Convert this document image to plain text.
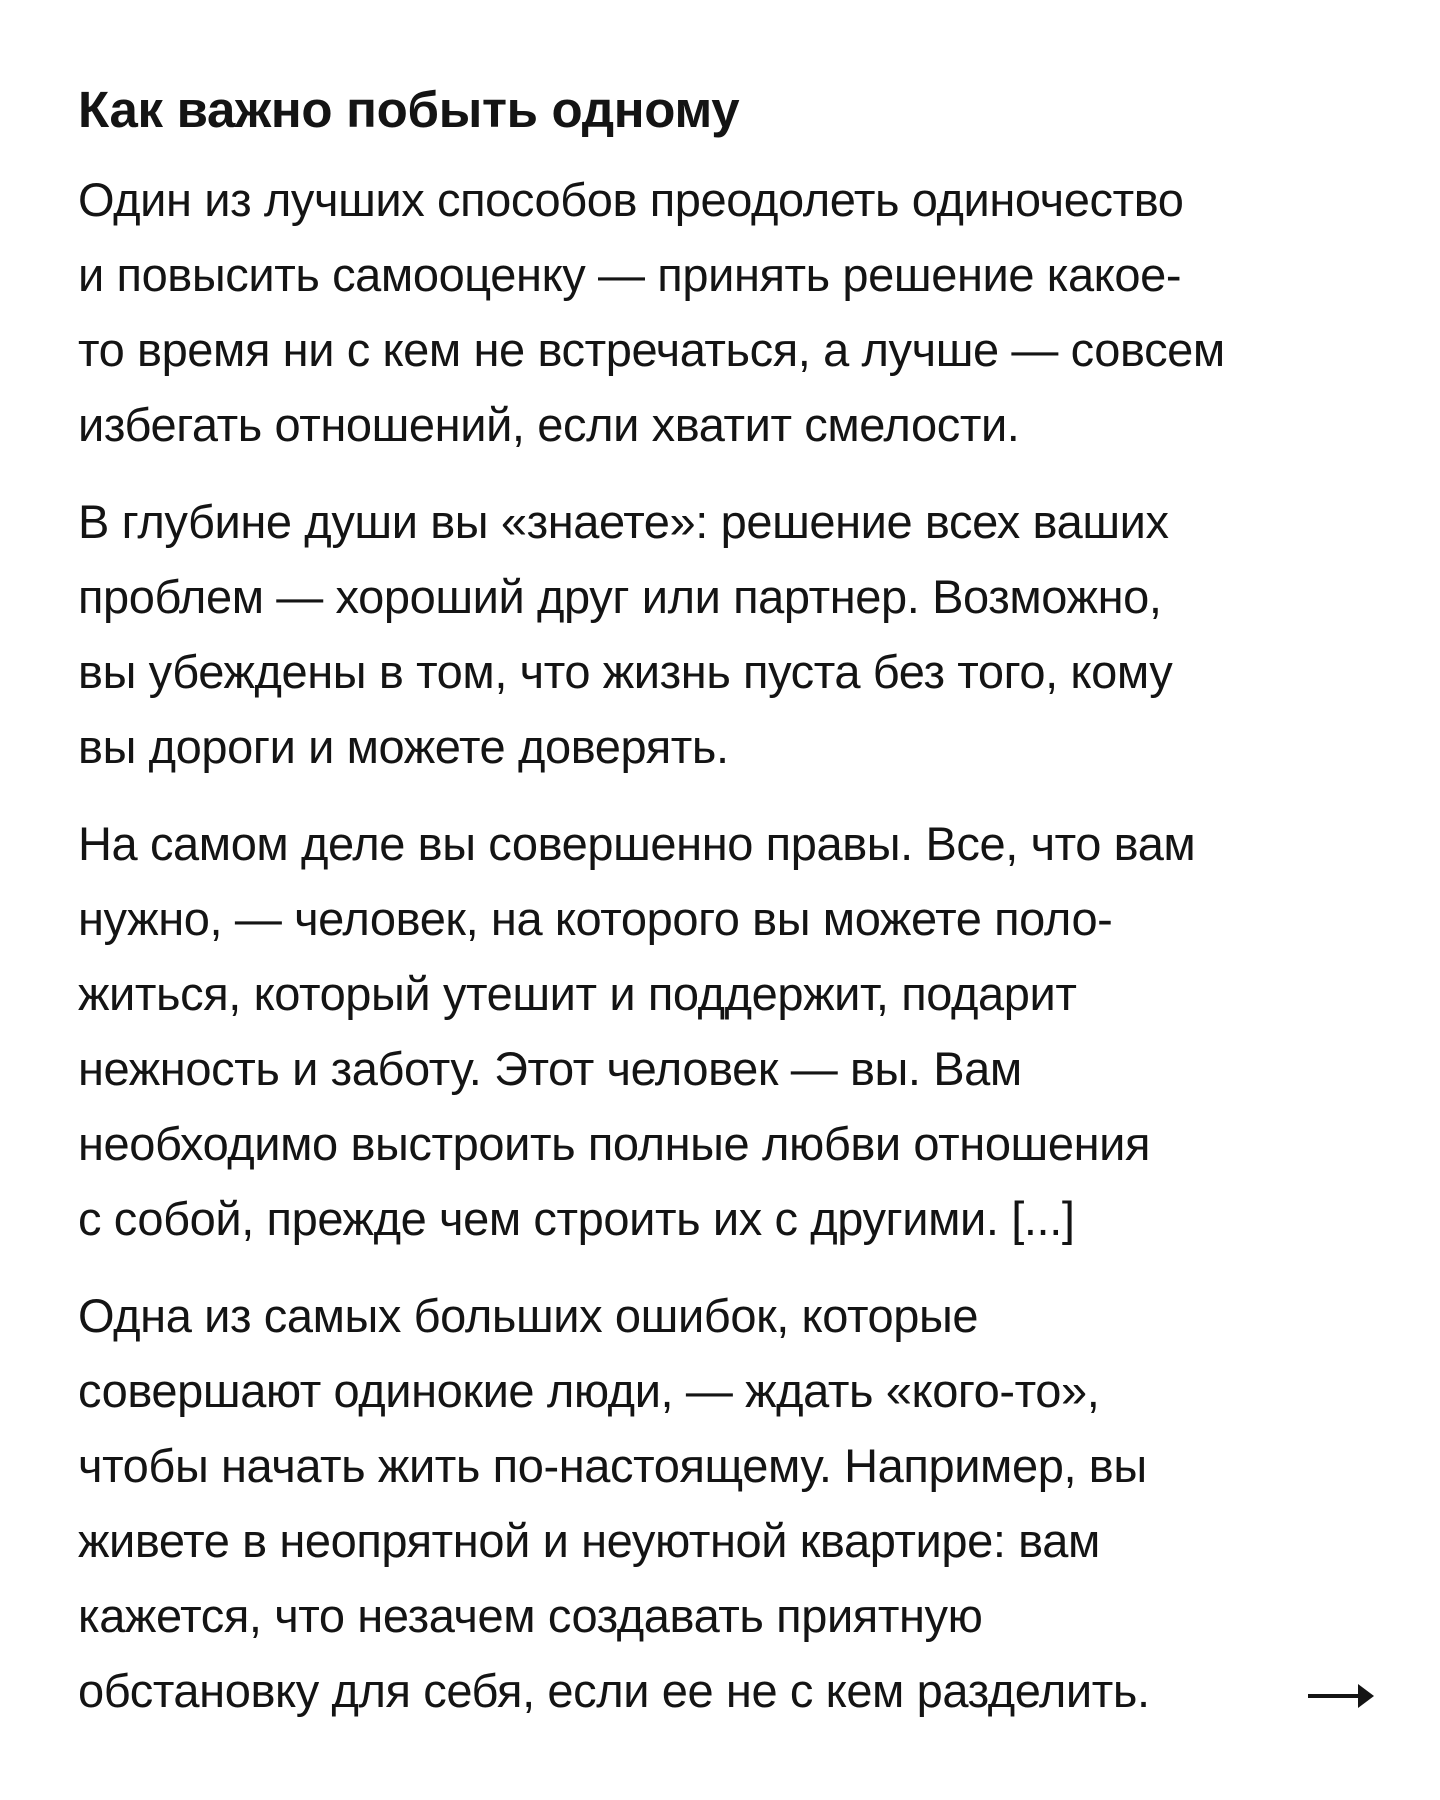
Как важно побыть одному

Один из лучших способов преодолеть одиночество
и повысить самооценку — принять решение какое-
то время ни с кем не встречаться, а лучше — совсем
избегать отношений, если хватит смелости.

В глубине души вы «знаете»: решение всех ваших
проблем — хороший друг или партнер. Возможно,
вы убеждены в том, что жизнь пуста без того, кому
вы дороги и можете доверять.

На самом деле вы совершенно правы. Все, что вам
нужно, — человек, на которого вы можете поло-
житься, который утешит и поддержит, подарит
нежность и заботу. Этот человек — вы. Вам
необходимо выстроить полные любви отношения
с собой, прежде чем строить их с другими. [...]

Одна из самых больших ошибок, которые
совершают одинокие люди, — ждать «кого-то»,
чтобы начать жить по-настоящему. Например, вы
живете в неопрятной и неуютной квартире: вам
кажется, что незачем создавать приятную
обстановку для себя, если ее не с кем разделить.
